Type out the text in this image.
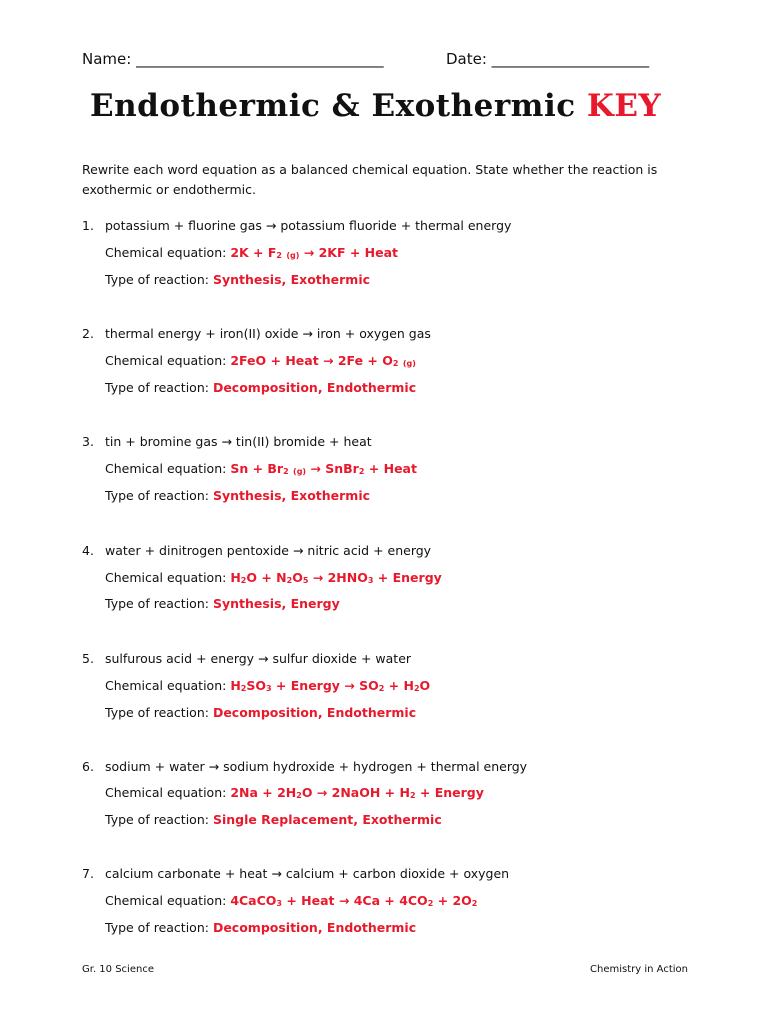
Name: _________________________________	Date: _____________________
Endothermic & Exothermic KEY
Rewrite each word equation as a balanced chemical equation. State whether the reaction is exothermic or endothermic.
1. potassium + fluorine gas → potassium fluoride + thermal energy
Chemical equation: $2K + F_2$ $_{(g)}$ → 2KF + Heat
Type of reaction: Synthesis, Exothermic
2. thermal energy + iron(II) oxide → iron + oxygen gas
Chemical equation: 2FeO + Heat → $2Fe + O_2$ $_{(g)}$
Type of reaction: Decomposition, Endothermic
3. tin + bromine gas → tin(II) bromide + heat
Chemical equation: $Sn + Br_2$ $_{(g)}$ → SnBr$_2$ + Heat
Type of reaction: Synthesis, Exothermic
4. water + dinitrogen pentoxide → nitric acid + energy
Chemical equation: $H_2O + N_2O_5 \to 2HNO_3$ + Energy
Type of reaction: Synthesis, Energy
5. sulfurous acid + energy → sulfur dioxide + water
Chemical equation: $H_2SO_3$ + Energy → $SO_2 + H_2O$
Type of reaction: Decomposition, Endothermic
6. sodium + water → sodium hydroxide + hydrogen + thermal energy
Chemical equation: $2Na + 2H_2O$ → 2NaOH + $H_2$ + Energy
Type of reaction: Single Replacement, Exothermic
7. calcium carbonate + heat → calcium + carbon dioxide + oxygen
Chemical equation: 4CaCO$_3$ + Heat → $4Ca + 4CO_2 + 2O_2$
Type of reaction: Decomposition, Endothermic
Gr. 10 Science	Chemistry in Action
